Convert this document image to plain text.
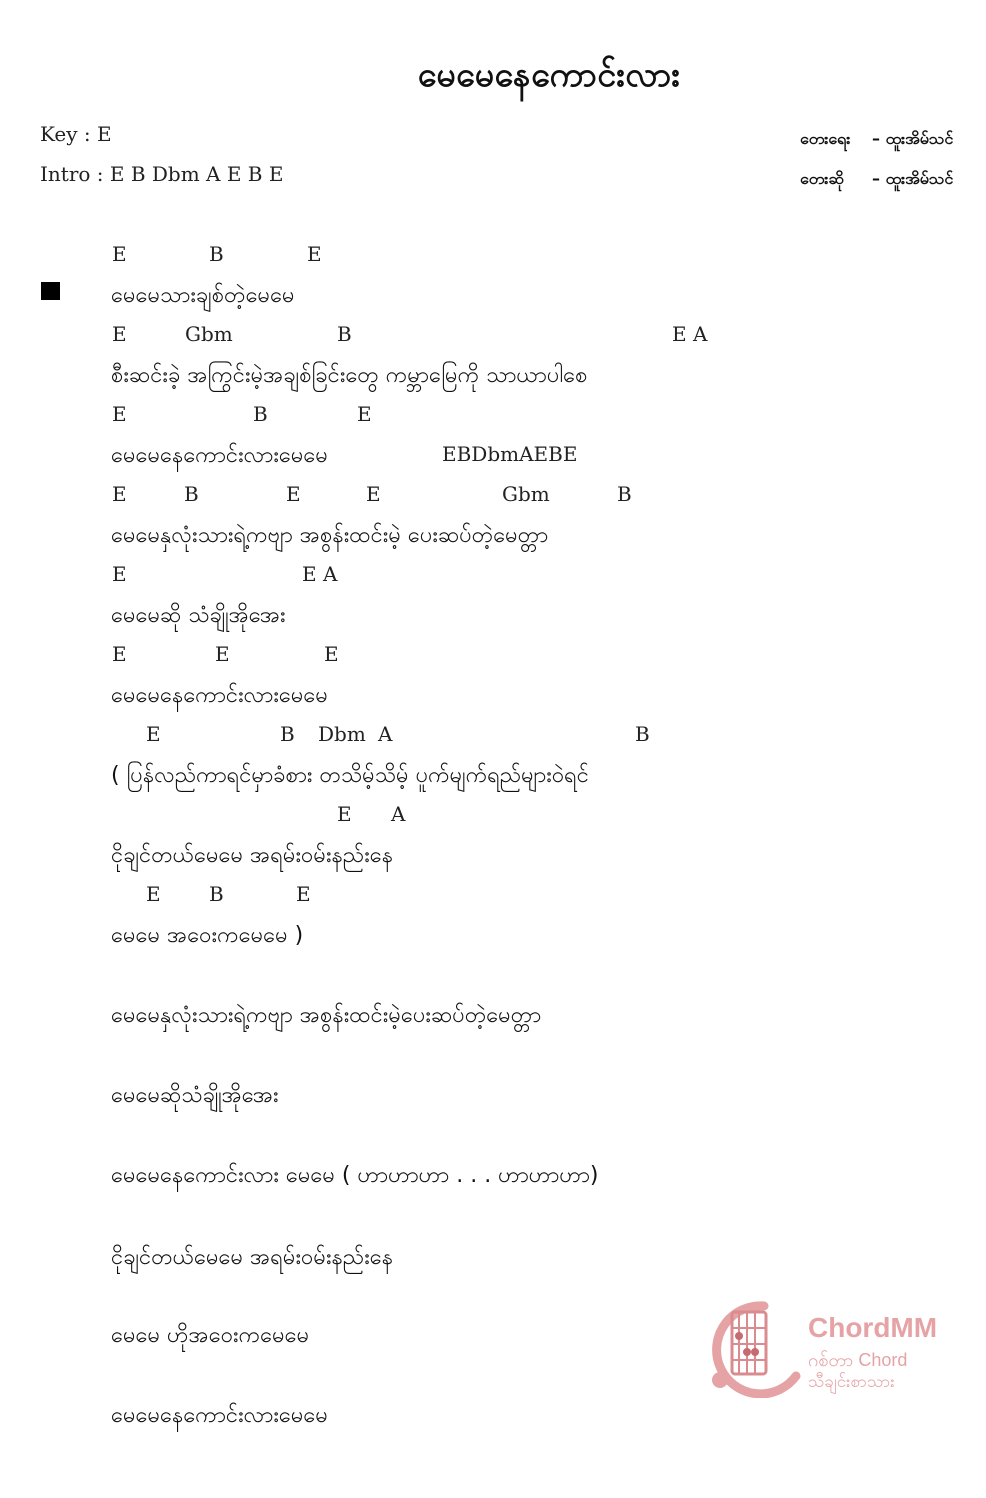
မေမေနေကောင်းလား
Key : E
Intro : E B Dbm A E B E
တေးရေး – ထူးအိမ်သင်
တေးဆို – ထူးအိမ်သင်
E	B	E
မေမေသားချစ်တဲ့မေမေ
E	Gbm	B	E A
စီးဆင်းခဲ့ အကြွင်းမဲ့အချစ်ခြင်းတွေ ကမ္ဘာမြေကို သာယာပါစေ
E	B	E
မေမေနေကောင်းလားမေမေ	EBDbmAEBE
E	B	E	E	Gbm	B
မေမေနှလုံးသားရဲ့ကဗျာ အစွန်းထင်းမဲ့ ပေးဆပ်တဲ့မေတ္တာ
E	E A
မေမေဆို သံချိုအိုအေး
E	E	E
မေမေနေကောင်းလားမေမေ
E	B Dbm A	B
( ပြန်လည်ကာရင်မှာခံစား တသိမ့်သိမ့် ပူက်မျက်ရည်များဝဲရင်
E A
ငိုချင်တယ်မေမေ အရမ်းဝမ်းနည်းနေ
E B	E
မေမေ အဝေးကမေမေ )
မေမေနှလုံးသားရဲ့ကဗျာ အစွန်းထင်းမဲ့ပေးဆပ်တဲ့မေတ္တာ
မေမေဆိုသံချိုအိုအေး
မေမေနေကောင်းလား မေမေ ( ဟာဟာဟာ . . . ဟာဟာဟာ)
ငိုချင်တယ်မေမေ အရမ်းဝမ်းနည်းနေ
မေမေ ဟိုအဝေးကမေမေ
မေမေနေကောင်းလားမေမေ
ChordMM
ဂစ်တာ Chord
သီချင်းစာသား
